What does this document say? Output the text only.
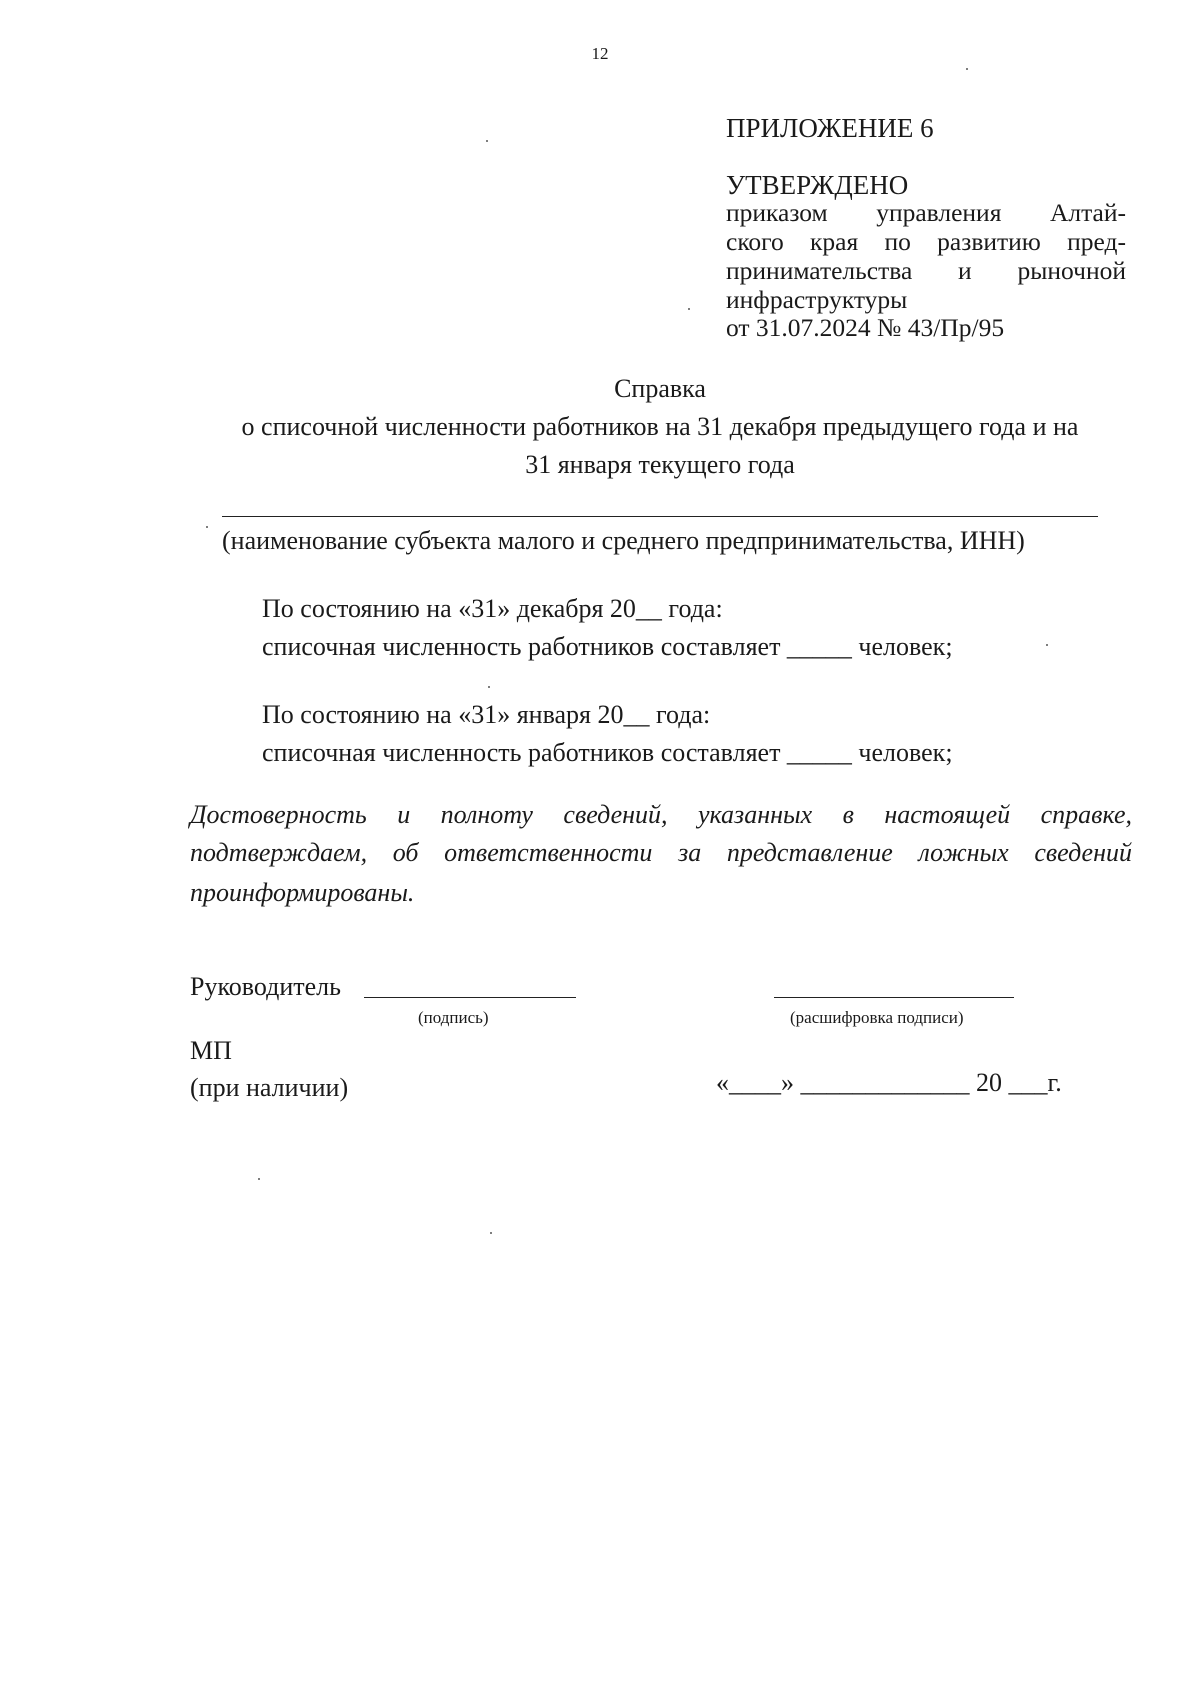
12
ПРИЛОЖЕНИЕ 6
УТВЕРЖДЕНО
приказом управления Алтай-
ского края по развитию пред-
принимательства и рыночной
инфраструктуры
от 31.07.2024 № 43/Пр/95
Справка
о списочной численности работников на 31 декабря предыдущего года и на
31 января текущего года
(наименование субъекта малого и среднего предпринимательства, ИНН)
По состоянию на «31» декабря 20__ года:
списочная численность работников составляет _____ человек;
По состоянию на «31» января 20__ года:
списочная численность работников составляет _____ человек;
Достоверность и полноту сведений, указанных в настоящей справке,
подтверждаем, об ответственности за представление ложных сведений
проинформированы.
Руководитель
(подпись)	(расшифровка подписи)
МП
(при наличии)	«____» _____________ 20 ___г.
